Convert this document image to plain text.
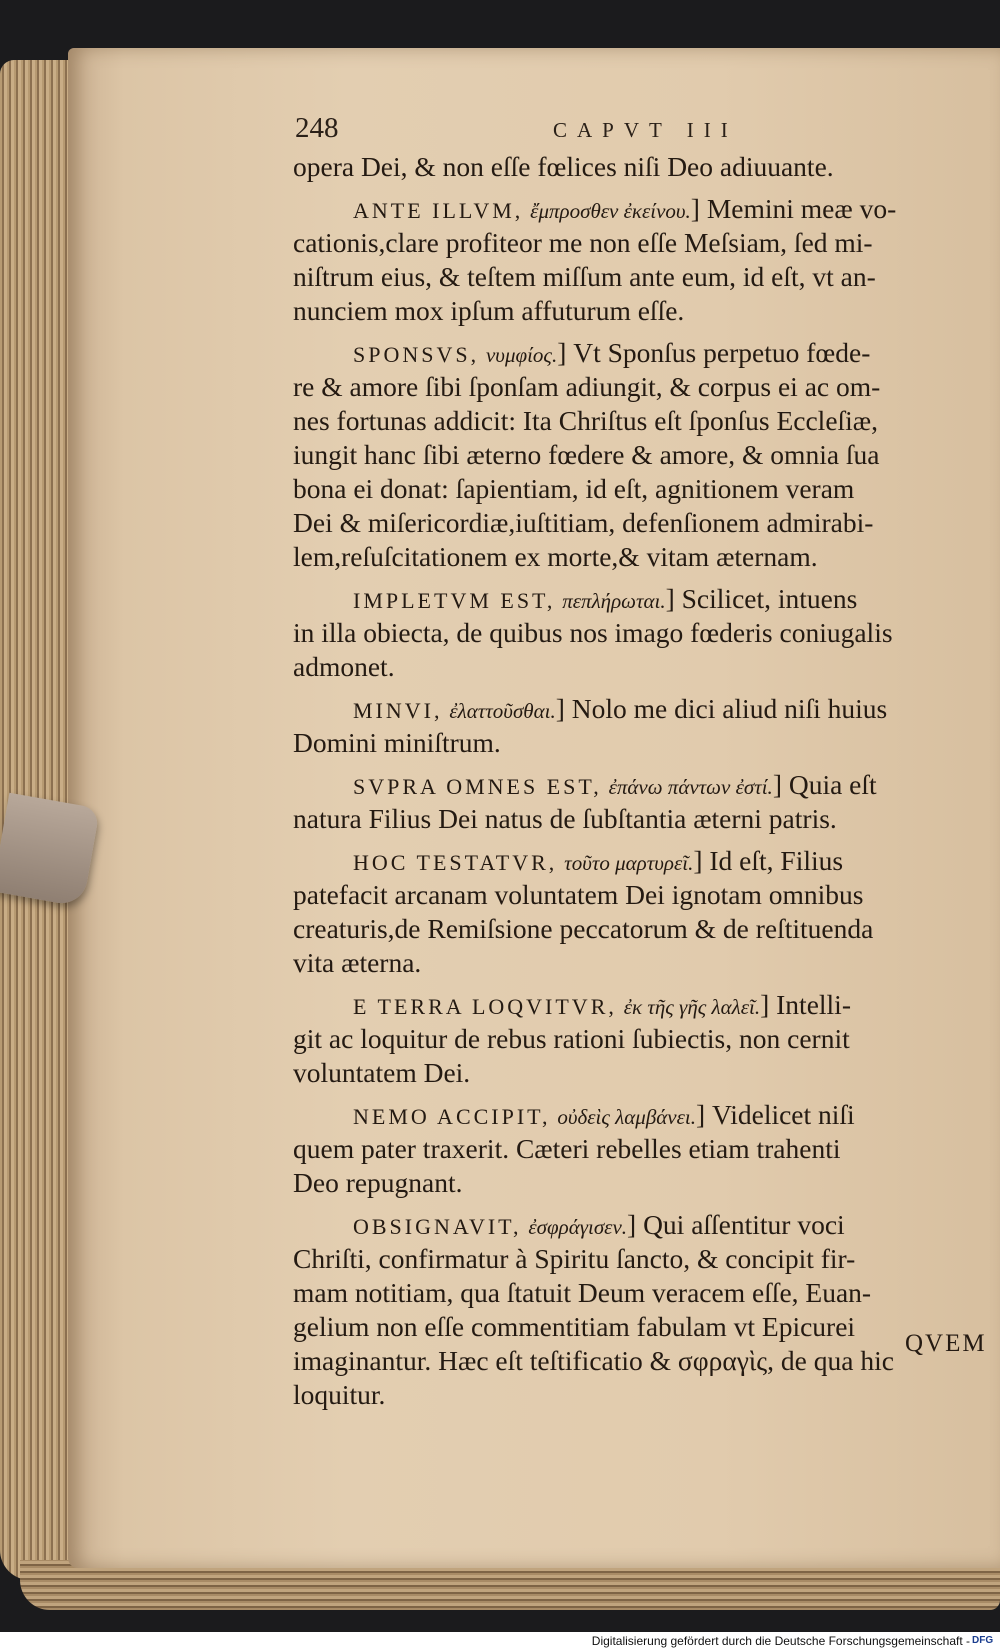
248	CAPVT III
opera Dei, & non eſſe fœlices niſi Deo adiuuante.
ANTE ILLVM, ἔμπροσθεν ἐκείνου.] Memini meæ vo-
cationis,clare profiteor me non eſſe Meſsiam, ſed mi-
niſtrum eius, & teſtem miſſum ante eum, id eſt, vt an-
nunciem mox ipſum affuturum eſſe.
SPONSVS, νυμφίος.] Vt Sponſus perpetuo fœde-
re & amore ſibi ſponſam adiungit, & corpus ei ac om-
nes fortunas addicit: Ita Chriſtus eſt ſponſus Eccleſiæ,
iungit hanc ſibi æterno fœdere & amore, & omnia ſua
bona ei donat: ſapientiam, id eſt, agnitionem veram
Dei & miſericordiæ,iuſtitiam, defenſionem admirabi-
lem,reſuſcitationem ex morte,& vitam æternam.
IMPLETVM EST, πεπλήρωται.] Scilicet, intuens
in illa obiecta, de quibus nos imago fœderis coniugalis
admonet.
MINVI, ἐλαττοῦσθαι.] Nolo me dici aliud niſi huius
Domini miniſtrum.
SVPRA OMNES EST, ἐπάνω πάντων ἐστί.] Quia eſt
natura Filius Dei natus de ſubſtantia æterni patris.
HOC TESTATVR, τοῦτο μαρτυρεῖ.] Id eſt, Filius
patefacit arcanam voluntatem Dei ignotam omnibus
creaturis,de Remiſsione peccatorum & de reſtituenda
vita æterna.
E TERRA LOQVITVR, ἐκ τῆς γῆς λαλεῖ.] Intelli-
git ac loquitur de rebus rationi ſubiectis, non cernit
voluntatem Dei.
NEMO ACCIPIT, οὐδεὶς λαμβάνει.] Videlicet niſi
quem pater traxerit. Cæteri rebelles etiam trahenti
Deo repugnant.
OBSIGNAVIT, ἐσφράγισεν.] Qui aſſentitur voci
Chriſti, confirmatur à Spiritu ſancto, & concipit fir-
mam notitiam, qua ſtatuit Deum veracem eſſe, Euan-
gelium non eſſe commentitiam fabulam vt Epicurei
imaginantur. Hæc eſt teſtificatio & σφραγὶς, de qua hic
loquitur.
QVEM
Digitalisierung gefördert durch die Deutsche Forschungsgemeinschaft - DFG
